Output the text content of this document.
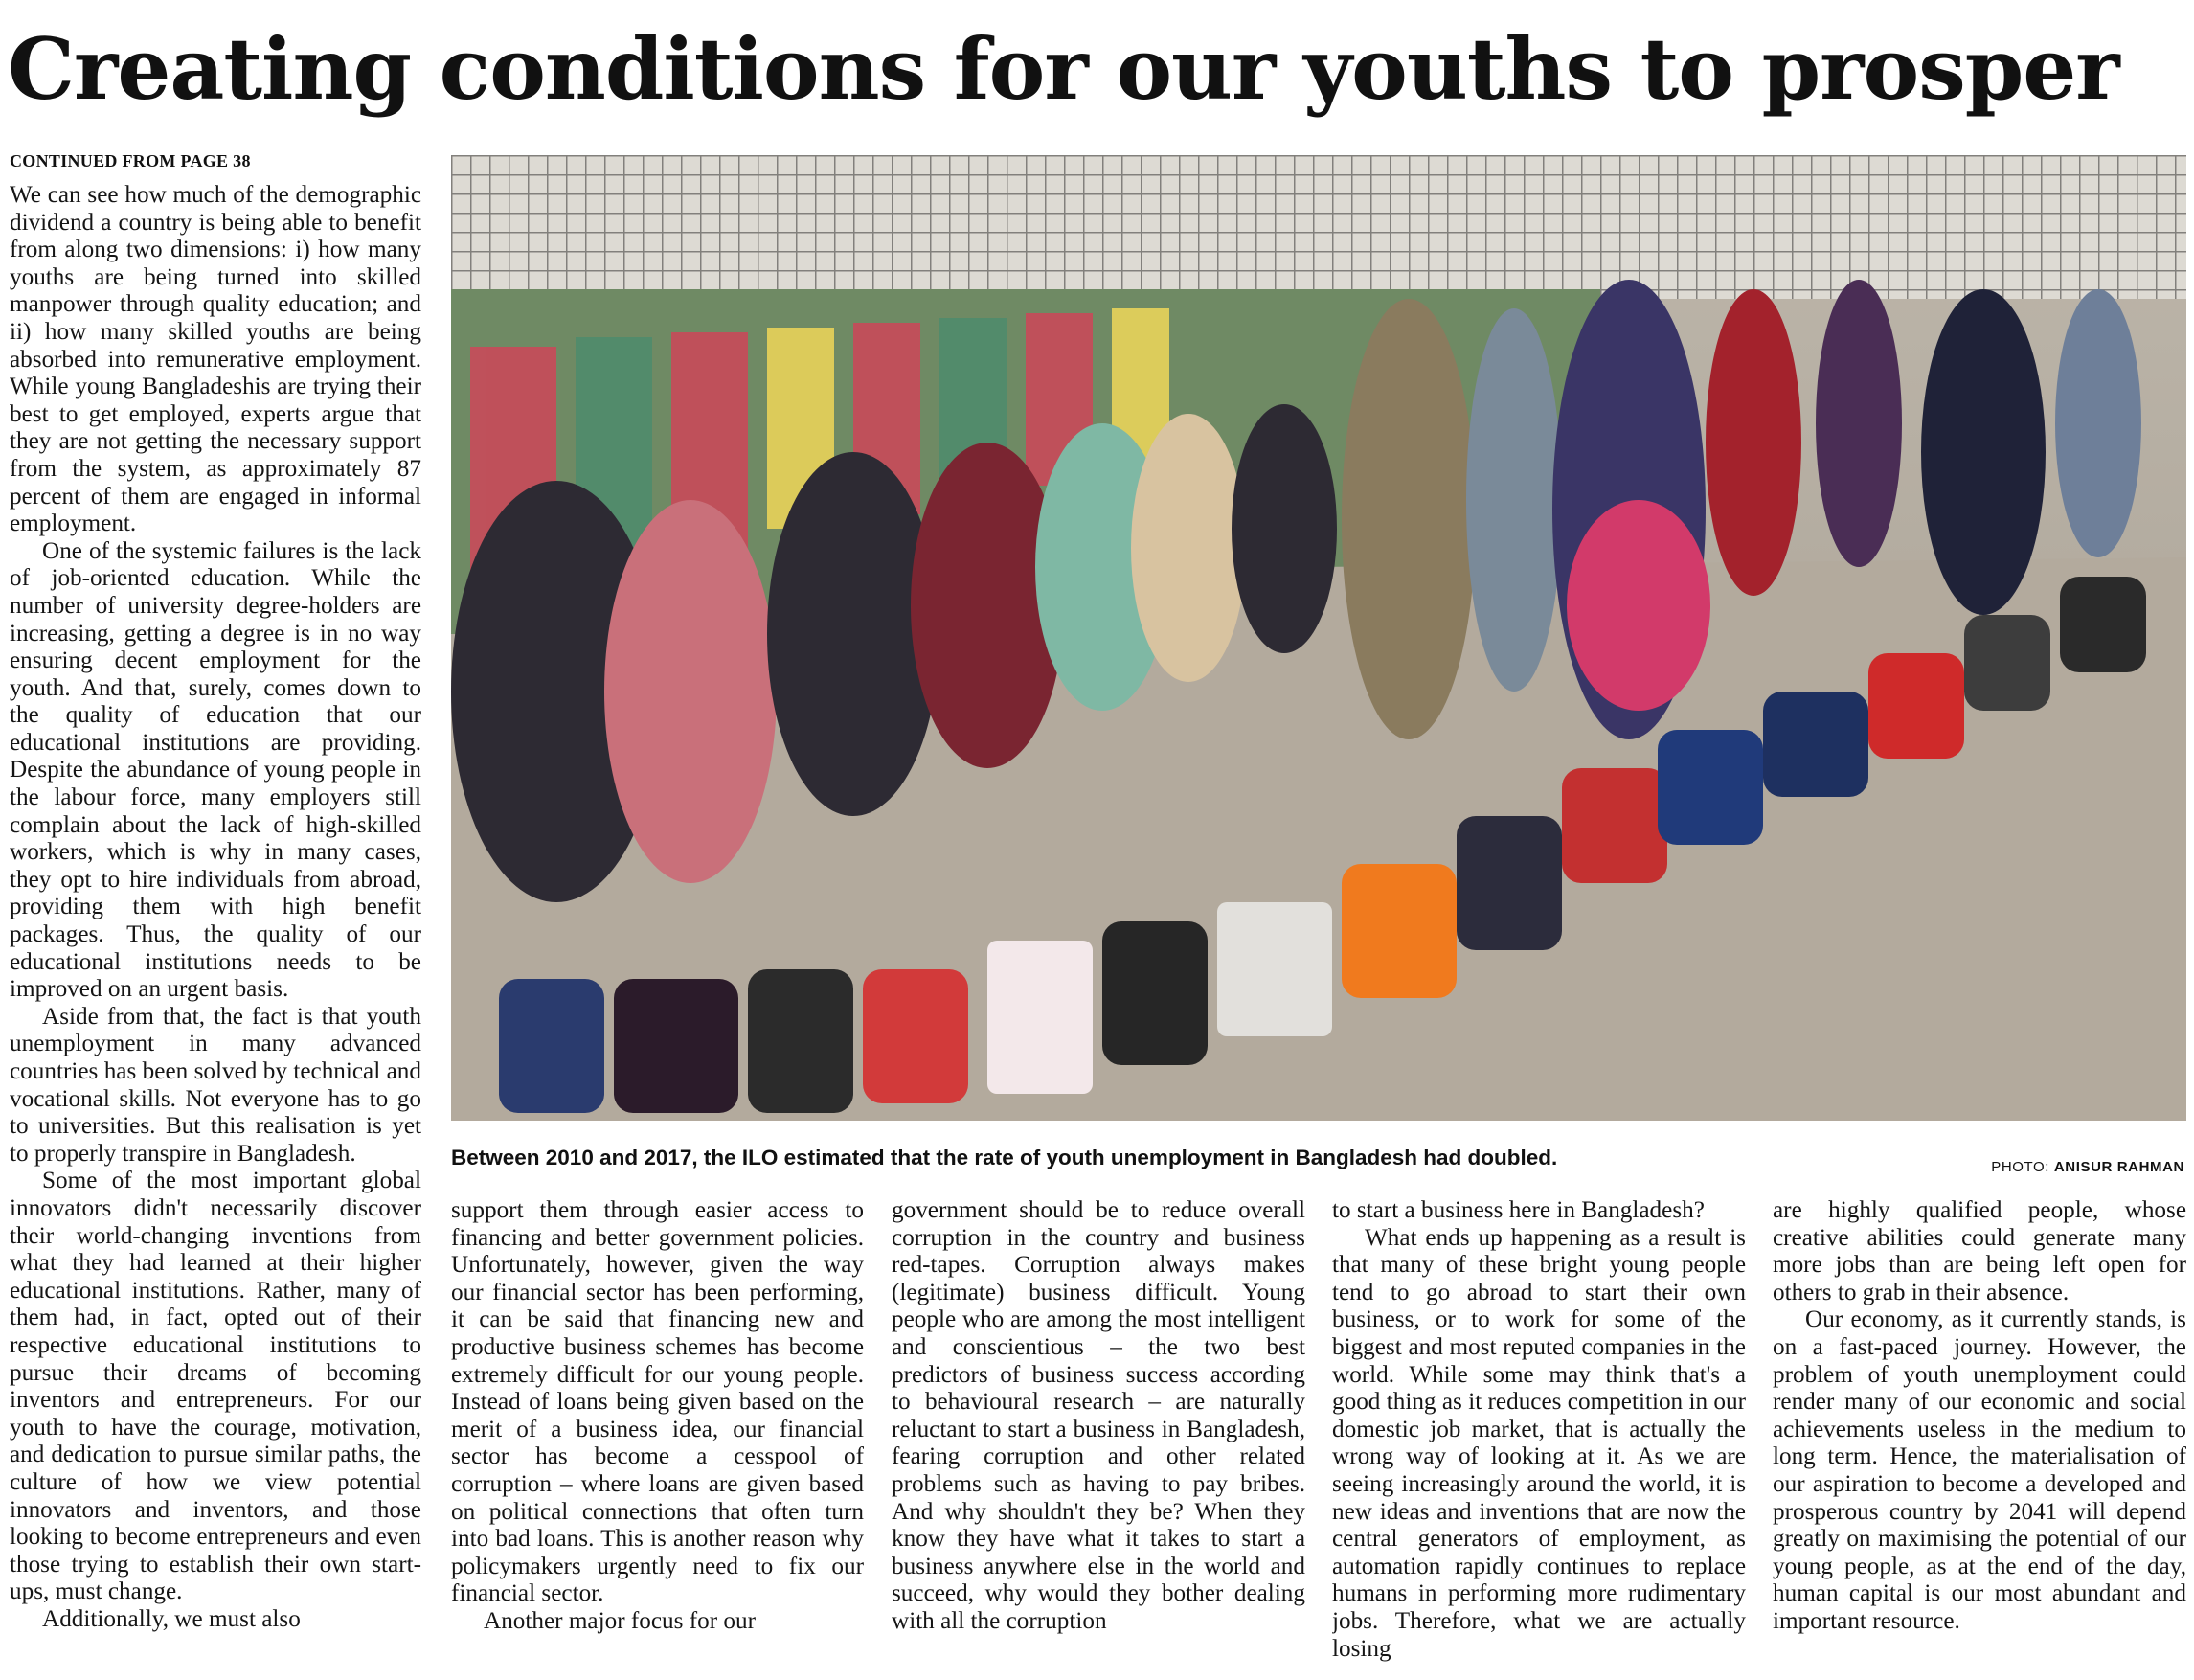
Creating conditions for our youths to prosper
CONTINUED FROM PAGE 38

We can see how much of the demographic dividend a country is being able to benefit from along two dimensions: i) how many youths are being turned into skilled manpower through quality education; and ii) how many skilled youths are being absorbed into remunerative employment. While young Bangladeshis are trying their best to get employed, experts argue that they are not getting the necessary support from the system, as approximately 87 percent of them are engaged in informal employment.

One of the systemic failures is the lack of job-oriented education. While the number of university degree-holders are increasing, getting a degree is in no way ensuring decent employment for the youth. And that, surely, comes down to the quality of education that our educational institutions are providing. Despite the abundance of young people in the labour force, many employers still complain about the lack of high-skilled workers, which is why in many cases, they opt to hire individuals from abroad, providing them with high benefit packages. Thus, the quality of our educational institutions needs to be improved on an urgent basis.

Aside from that, the fact is that youth unemployment in many advanced countries has been solved by technical and vocational skills. Not everyone has to go to universities. But this realisation is yet to properly transpire in Bangladesh.

Some of the most important global innovators didn't necessarily discover their world-changing inventions from what they had learned at their higher educational institutions. Rather, many of them had, in fact, opted out of their respective educational institutions to pursue their dreams of becoming inventors and entrepreneurs. For our youth to have the courage, motivation, and dedication to pursue similar paths, the culture of how we view potential innovators and inventors, and those looking to become entrepreneurs and even those trying to establish their own start-ups, must change.

Additionally, we must also

Between 2010 and 2017, the ILO estimated that the rate of youth unemployment in Bangladesh had doubled.	PHOTO: ANISUR RAHMAN

support them through easier access to financing and better government policies. Unfortunately, however, given the way our financial sector has been performing, it can be said that financing new and productive business schemes has become extremely difficult for our young people. Instead of loans being given based on the merit of a business idea, our financial sector has become a cesspool of corruption – where loans are given based on political connections that often turn into bad loans. This is another reason why policymakers urgently need to fix our financial sector.

Another major focus for our

government should be to reduce overall corruption in the country and business red-tapes. Corruption always makes (legitimate) business difficult. Young people who are among the most intelligent and conscientious – the two best predictors of business success according to behavioural research – are naturally reluctant to start a business in Bangladesh, fearing corruption and other related problems such as having to pay bribes. And why shouldn't they be? When they know they have what it takes to start a business anywhere else in the world and succeed, why would they bother dealing with all the corruption

to start a business here in Bangladesh?

What ends up happening as a result is that many of these bright young people tend to go abroad to start their own business, or to work for some of the biggest and most reputed companies in the world. While some may think that's a good thing as it reduces competition in our domestic job market, that is actually the wrong way of looking at it. As we are seeing increasingly around the world, it is new ideas and inventions that are now the central generators of employment, as automation rapidly continues to replace humans in performing more rudimentary jobs. Therefore, what we are actually losing

are highly qualified people, whose creative abilities could generate many more jobs than are being left open for others to grab in their absence.

Our economy, as it currently stands, is on a fast-paced journey. However, the problem of youth unemployment could render many of our economic and social achievements useless in the medium to long term. Hence, the materialisation of our aspiration to become a developed and prosperous country by 2041 will depend greatly on maximising the potential of our young people, as at the end of the day, human capital is our most abundant and important resource.
